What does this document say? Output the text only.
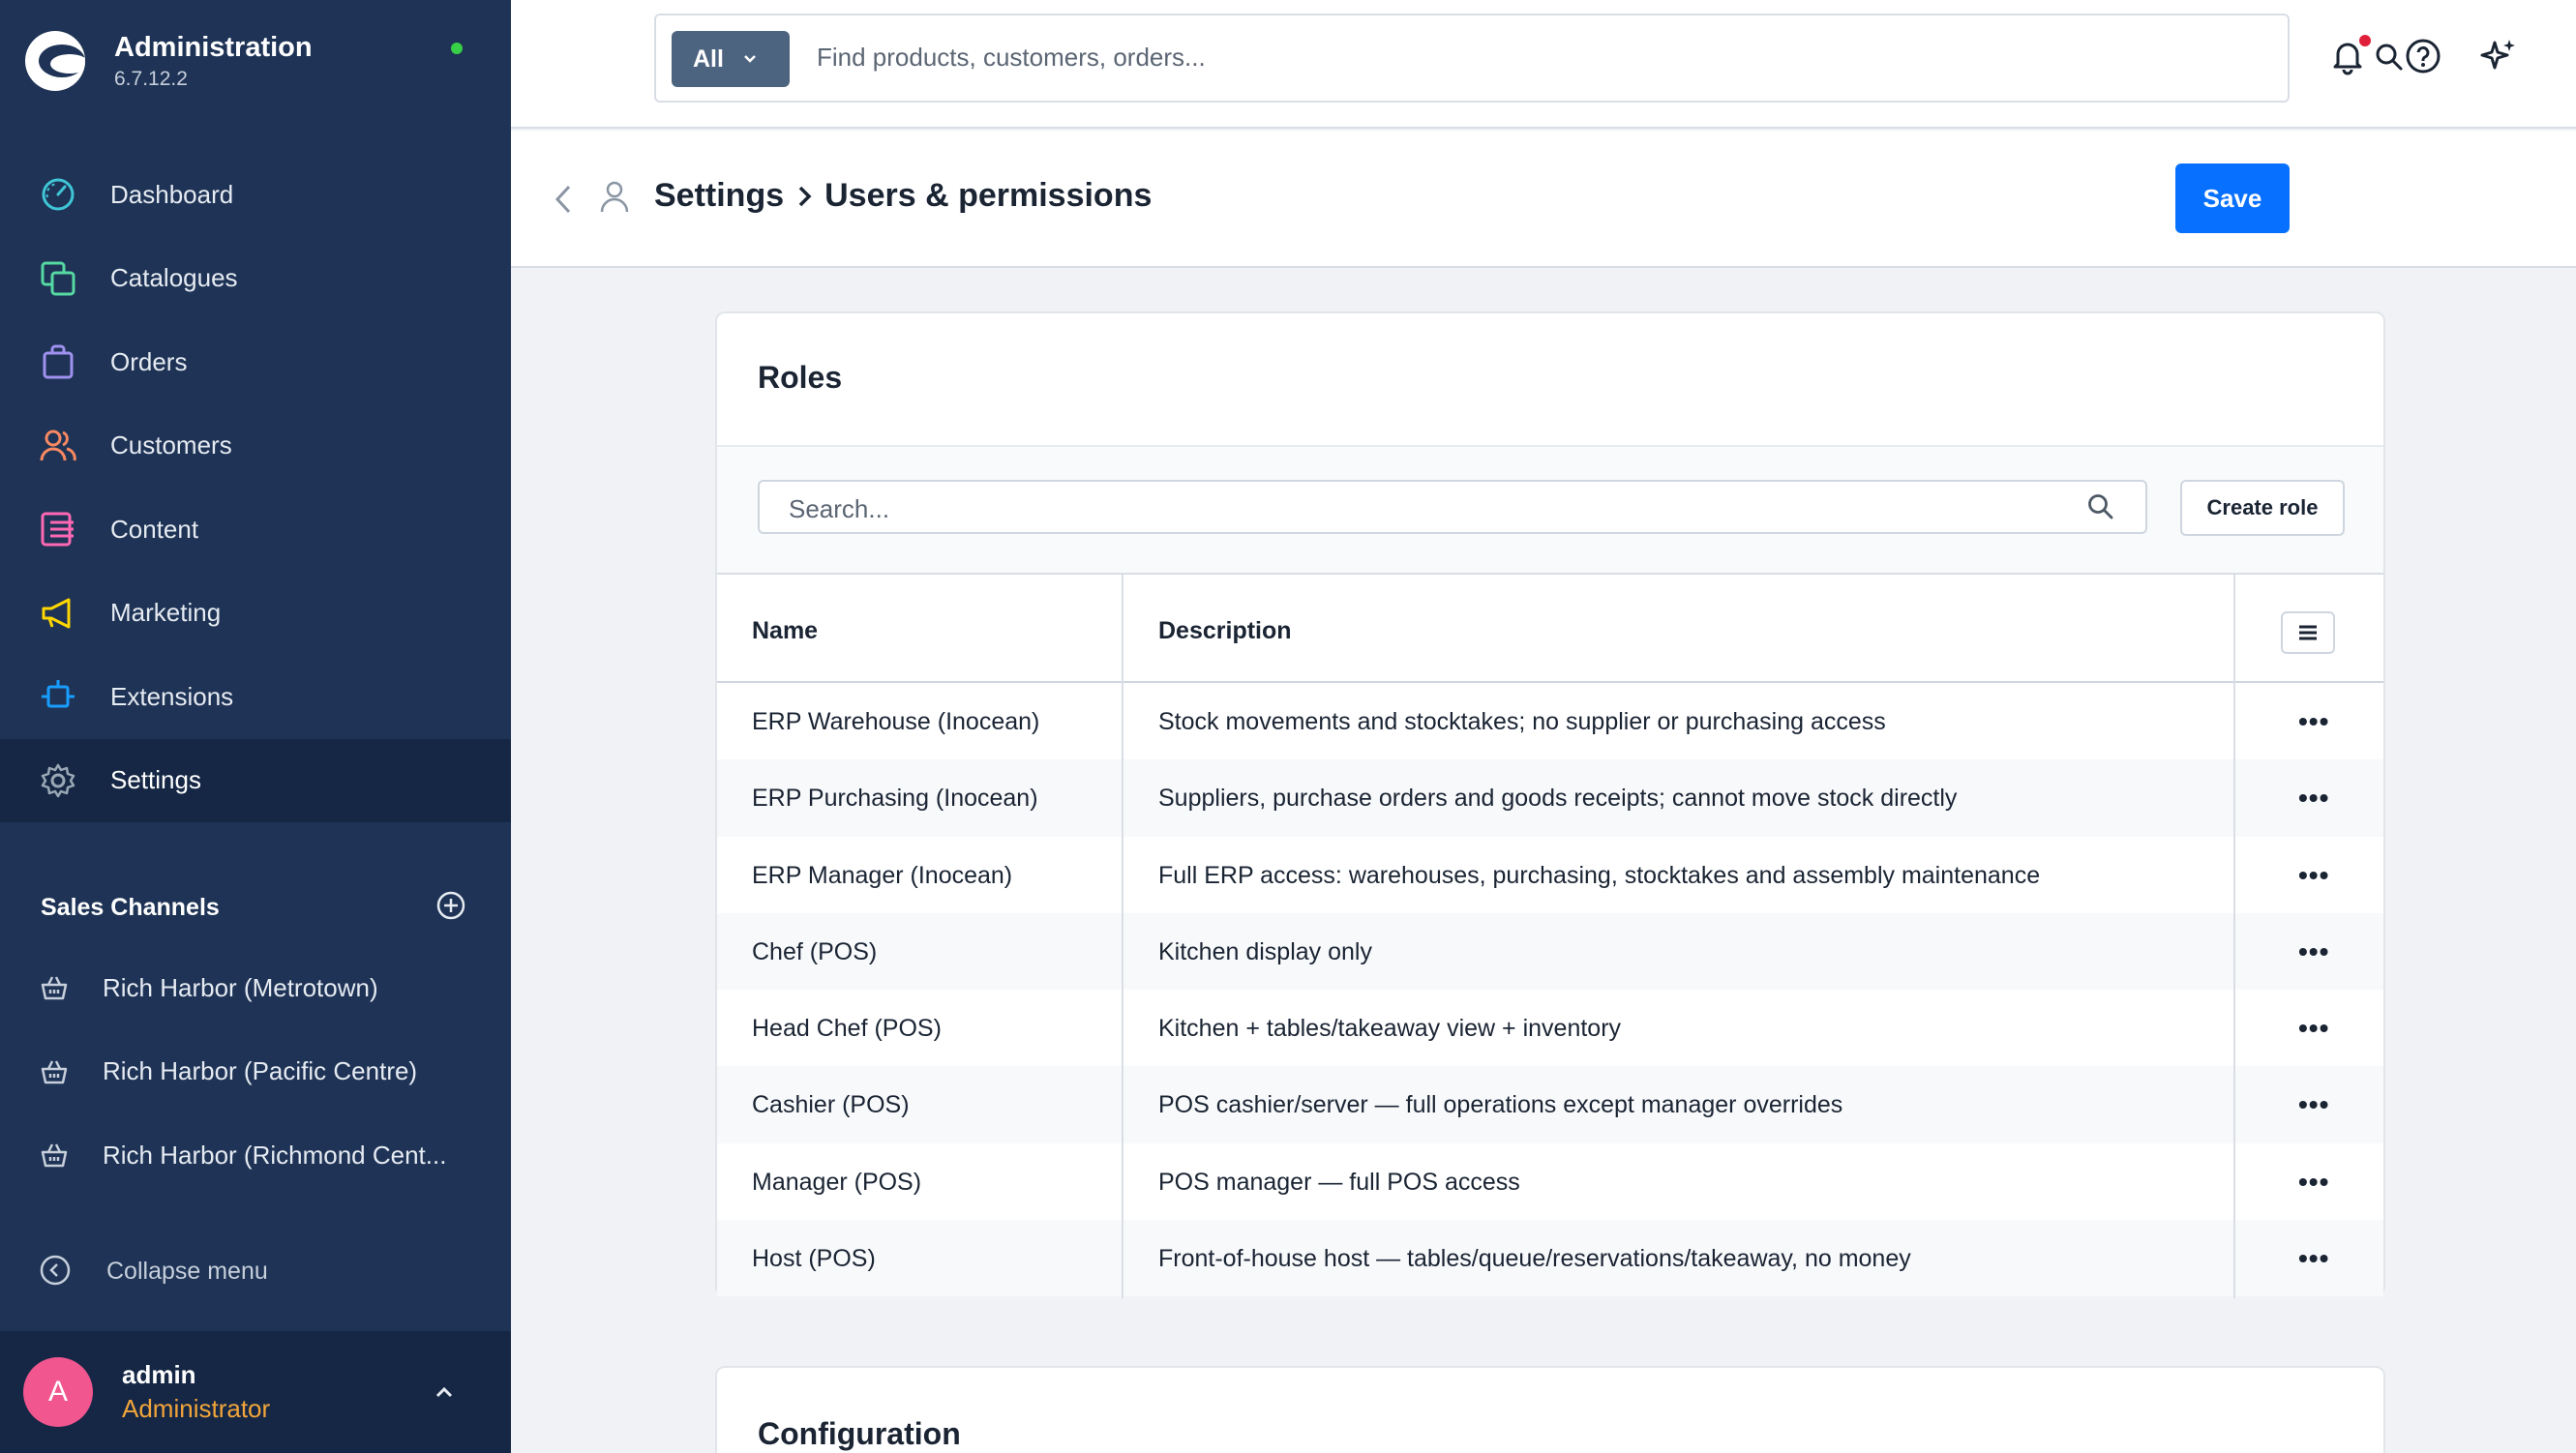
Administration
6.7.12.2
Dashboard
Catalogues
Orders
Customers
Content
Marketing
Extensions
Settings
Sales Channels
Rich Harbor (Metrotown)
Rich Harbor (Pacific Centre)
Rich Harbor (Richmond Cent...
Collapse menu
A
admin
Administrator
All	Find products, customers, orders...
Settings Users & permissions	Save
Roles
Search...	Create role
Name	Description
ERP Warehouse (Inocean)	Stock movements and stocktakes; no supplier or purchasing access	•••
ERP Purchasing (Inocean)	Suppliers, purchase orders and goods receipts; cannot move stock directly	•••
ERP Manager (Inocean)	Full ERP access: warehouses, purchasing, stocktakes and assembly maintenance	•••
Chef (POS)	Kitchen display only	•••
Head Chef (POS)	Kitchen + tables/takeaway view + inventory	•••
Cashier (POS)	POS cashier/server — full operations except manager overrides	•••
Manager (POS)	POS manager — full POS access	•••
Host (POS)	Front-of-house host — tables/queue/reservations/takeaway, no money	•••
Configuration
